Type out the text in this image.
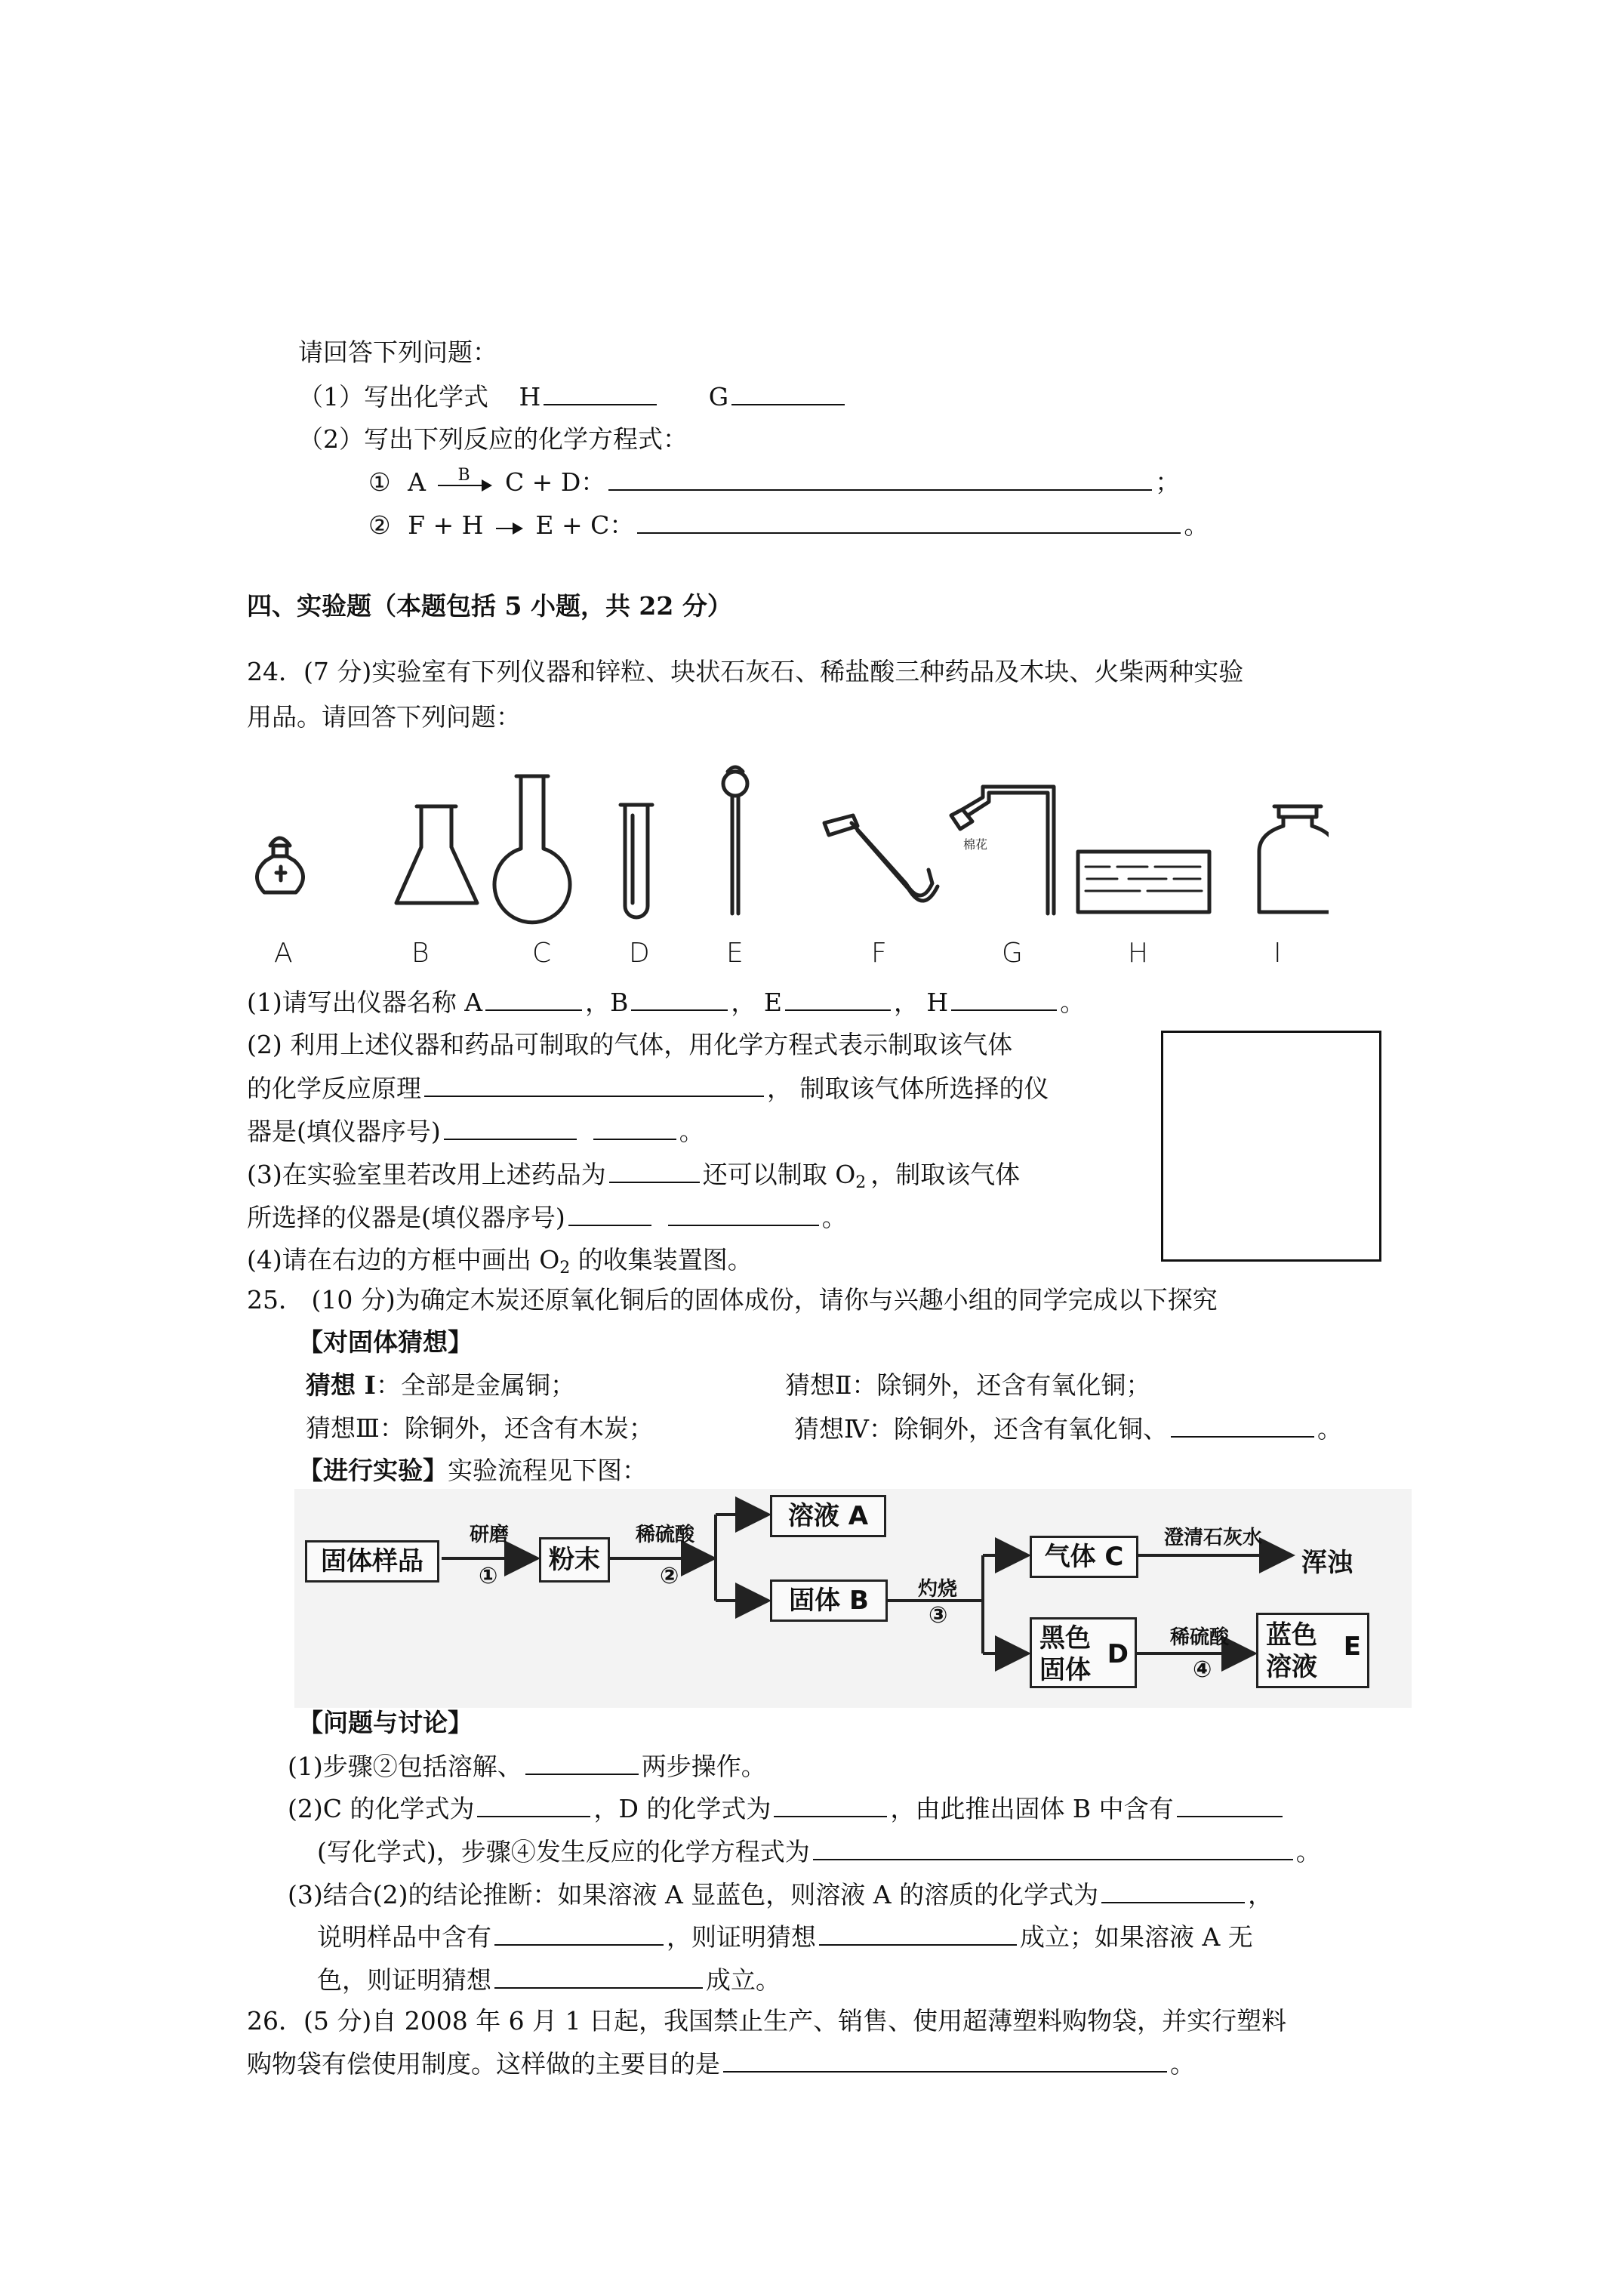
请回答下列问题：
（1）写出化学式 H	G
（2）写出下列反应的化学方程式：
① A B C + D：	；
② F + H E + C：	。
四、实验题（本题包括 5 小题，共 22 分）
24．(7 分)实验室有下列仪器和锌粒、块状石灰石、稀盐酸三种药品及木块、火柴两种实验
用品。请回答下列问题：
棉花
A	B	C	D	E	F	G	H	I
(1)请写出仪器名称 A	，B	， E	， H	。
(2) 利用上述仪器和药品可制取的气体，用化学方程式表示制取该气体
的化学反应原理	， 制取该气体所选择的仪
器是(填仪器序号)	。
(3)在实验室里若改用上述药品为	还可以制取 $O_2$ ，制取该气体
所选择的仪器是(填仪器序号)	。
(4)请在右边的方框中画出 $O_2$ 的收集装置图。
25． (10 分)为确定木炭还原氧化铜后的固体成份，请你与兴趣小组的同学完成以下探究
【对固体猜想】
猜想 I：全部是金属铜；	猜想Ⅱ：除铜外，还含有氧化铜；
猜想Ⅲ：除铜外，还含有木炭；	猜想Ⅳ：除铜外，还含有氧化铜、	。
【进行实验】实验流程见下图：
固体样品
研磨
①
粉末
稀硫酸
②
溶液 A
固体 B	灼烧
③
气体 C
澄清石灰水
浑浊
黑色
固体
D
稀硫酸
④
蓝色
溶液
E
【问题与讨论】
(1)步骤②包括溶解、	两步操作。
(2)C 的化学式为	，D 的化学式为	，由此推出固体 B 中含有
(写化学式)，步骤④发生反应的化学方程式为	。
(3)结合(2)的结论推断：如果溶液 A 显蓝色，则溶液 A 的溶质的化学式为	，
说明样品中含有	，则证明猜想	成立；如果溶液 A 无
色，则证明猜想	成立。
26．(5 分)自 2008 年 6 月 1 日起，我国禁止生产、销售、使用超薄塑料购物袋，并实行塑料
购物袋有偿使用制度。这样做的主要目的是	。
